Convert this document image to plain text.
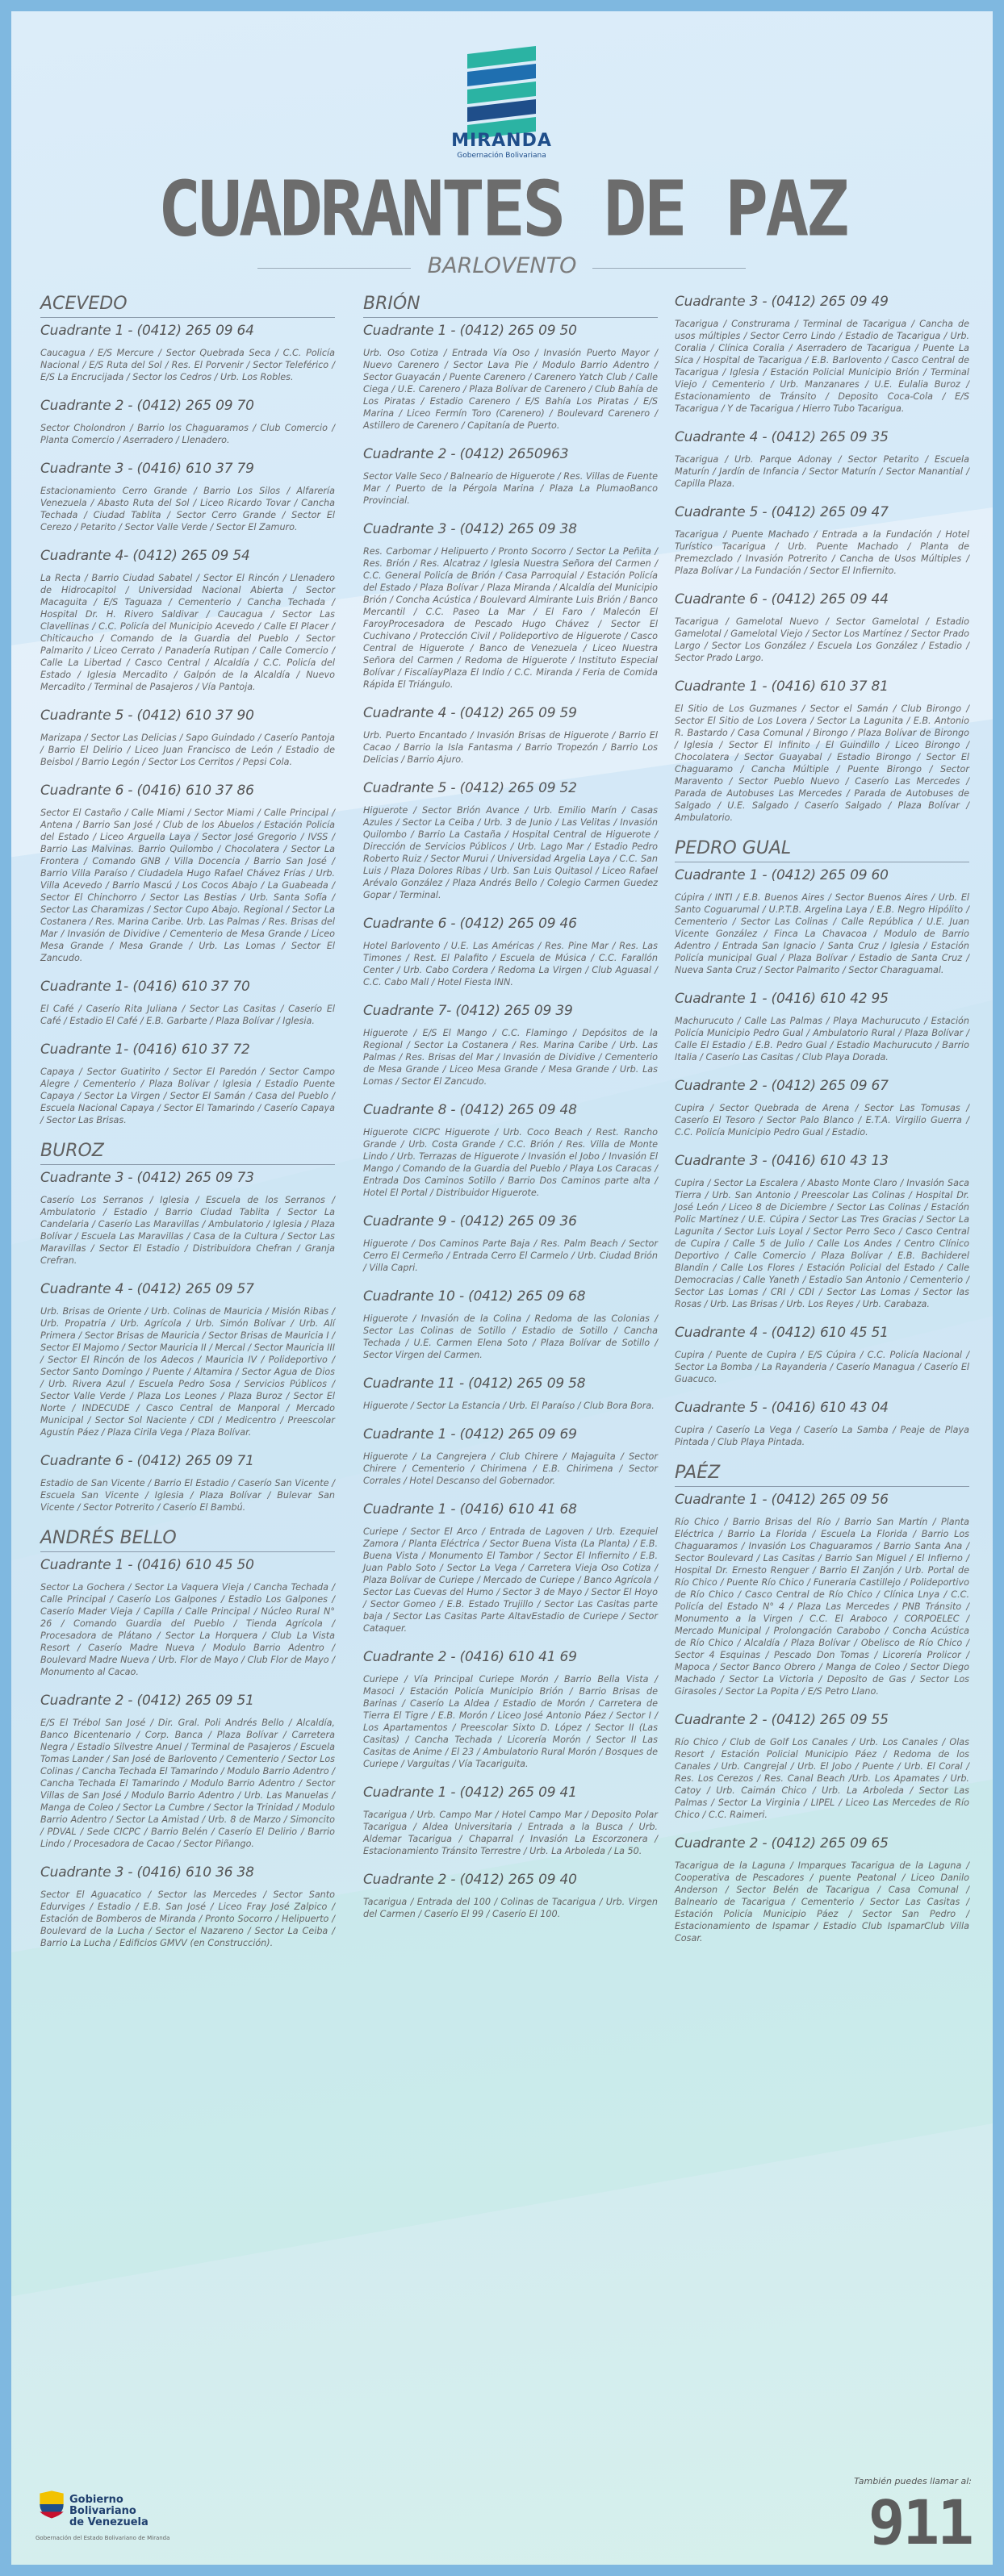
MIRANDA
Gobernación Bolivariana
CUADRANTES DE PAZ
BARLOVENTO
ACEVEDO
Cuadrante 1 - (0412) 265 09 64

Caucagua / E/S Mercure / Sector Quebrada Seca / C.C. Policía Nacional / E/S Ruta del Sol / Res. El Porvenir / Sector Teleférico / E/S La Encrucijada / Sector los Cedros / Urb. Los Robles.

Cuadrante 2 - (0412) 265 09 70

Sector Cholondron / Barrio los Chaguaramos / Club Comercio / Planta Comercio / Aserradero / Llenadero.

Cuadrante 3 - (0416) 610 37 79

Estacionamiento Cerro Grande / Barrio Los Silos / Alfarería Venezuela / Abasto Ruta del Sol / Liceo Ricardo Tovar / Cancha Techada / Ciudad Tablita / Sector Cerro Grande / Sector El Cerezo / Petarito / Sector Valle Verde / Sector El Zamuro.

Cuadrante 4- (0412) 265 09 54

La Recta / Barrio Ciudad Sabatel / Sector El Rincón / Llenadero de Hidrocapitol / Universidad Nacional Abierta / Sector Macaguita / E/S Taguaza / Cementerio / Cancha Techada / Hospital Dr. H. Rivero Saldivar / Caucagua / Sector Las Clavellinas / C.C. Policía del Municipio Acevedo / Calle El Placer / Chiticaucho / Comando de la Guardia del Pueblo / Sector Palmarito / Liceo Cerrato / Panadería Rutipan / Calle Comercio / Calle La Libertad / Casco Central / Alcaldía / C.C. Policía del Estado / Iglesia Mercadito / Galpón de la Alcaldía / Nuevo Mercadito / Terminal de Pasajeros / Vía Pantoja.

Cuadrante 5 - (0412) 610 37 90

Marizapa / Sector Las Delicias / Sapo Guindado / Caserío Pantoja / Barrio El Delirio / Liceo Juan Francisco de León / Estadio de Beisbol / Barrio Legón / Sector Los Cerritos / Pepsi Cola.

Cuadrante 6 - (0416) 610 37 86

Sector El Castaño / Calle Miami / Sector Miami / Calle Principal / Antena / Barrio San José / Club de los Abuelos / Estación Policía del Estado / Liceo Arguella Laya / Sector José Gregorio / IVSS / Barrio Las Malvinas. Barrio Quilombo / Chocolatera / Sector La Frontera / Comando GNB / Villa Docencia / Barrio San José / Barrio Villa Paraíso / Ciudadela Hugo Rafael Chávez Frías / Urb. Villa Acevedo / Barrio Mascú / Los Cocos Abajo / La Guabeada / Sector El Chinchorro / Sector Las Bestias / Urb. Santa Sofía / Sector Las Charamizas / Sector Cupo Abajo. Regional / Sector La Costanera / Res. Marina Caribe. Urb. Las Palmas / Res. Brisas del Mar / Invasión de Dividive / Cementerio de Mesa Grande / Liceo Mesa Grande / Mesa Grande / Urb. Las Lomas / Sector El Zancudo.

Cuadrante 1- (0416) 610 37 70

El Café / Caserío Rita Juliana / Sector Las Casitas / Caserío El Café / Estadio El Café / E.B. Garbarte / Plaza Bolívar / Iglesia.

Cuadrante 1- (0416) 610 37 72

Capaya / Sector Guatirito / Sector El Paredón / Sector Campo Alegre / Cementerio / Plaza Bolívar / Iglesia / Estadio Puente Capaya / Sector La Virgen / Sector El Samán / Casa del Pueblo / Escuela Nacional Capaya / Sector El Tamarindo / Caserío Capaya / Sector Las Brisas.

BUROZ
Cuadrante 3 - (0412) 265 09 73

Caserío Los Serranos / Iglesia / Escuela de los Serranos / Ambulatorio / Estadio / Barrio Ciudad Tablita / Sector La Candelaria / Caserío Las Maravillas / Ambulatorio / Iglesia / Plaza Bolívar / Escuela Las Maravillas / Casa de la Cultura / Sector Las Maravillas / Sector El Estadio / Distribuidora Chefran / Granja Crefran.

Cuadrante 4 - (0412) 265 09 57

Urb. Brisas de Oriente / Urb. Colinas de Mauricia / Misión Ribas / Urb. Propatria / Urb. Agrícola / Urb. Simón Bolívar / Urb. Alí Primera / Sector Brisas de Mauricia / Sector Brisas de Mauricia I / Sector El Majomo / Sector Mauricia II / Mercal / Sector Mauricia III / Sector El Rincón de los Adecos / Mauricia IV / Polideportivo / Sector Santo Domingo / Puente / Altamira / Sector Agua de Dios / Urb. Rivera Azul / Escuela Pedro Sosa / Servicios Públicos / Sector Valle Verde / Plaza Los Leones / Plaza Buroz / Sector El Norte / INDECUDE / Casco Central de Manporal / Mercado Municipal / Sector Sol Naciente / CDI / Medicentro / Preescolar Agustín Páez / Plaza Cirila Vega / Plaza Bolívar.

Cuadrante 6 - (0412) 265 09 71

Estadio de San Vicente / Barrio El Estadio / Caserío San Vicente / Escuela San Vicente / Iglesia / Plaza Bolívar / Bulevar San Vicente / Sector Potrerito / Caserío El Bambú.

ANDRÉS BELLO
Cuadrante 1 - (0416) 610 45 50

Sector La Gochera / Sector La Vaquera Vieja / Cancha Techada / Calle Principal / Caserío Los Galpones / Estadio Los Galpones / Caserío Mader Vieja / Capilla / Calle Principal / Núcleo Rural N° 26 / Comando Guardia del Pueblo / Tienda Agrícola / Procesadora de Plátano / Sector La Horquera / Club La Vista Resort / Caserío Madre Nueva / Modulo Barrio Adentro / Boulevard Madre Nueva / Urb. Flor de Mayo / Club Flor de Mayo / Monumento al Cacao.

Cuadrante 2 - (0412) 265 09 51

E/S El Trébol San José / Dir. Gral. Poli Andrés Bello / Alcaldía, Banco Bicentenario / Corp. Banca / Plaza Bolívar / Carretera Negra / Estadio Silvestre Anuel / Terminal de Pasajeros / Escuela Tomas Lander / San José de Barlovento / Cementerio / Sector Los Colinas / Cancha Techada El Tamarindo / Modulo Barrio Adentro / Cancha Techada El Tamarindo / Modulo Barrio Adentro / Sector Villas de San José / Modulo Barrio Adentro / Urb. Las Manuelas / Manga de Coleo / Sector La Cumbre / Sector la Trinidad / Modulo Barrio Adentro / Sector La Amistad / Urb. 8 de Marzo / Simoncito / PDVAL / Sede CICPC / Barrio Belén / Caserío El Delirio / Barrio Lindo / Procesadora de Cacao / Sector Piñango.

Cuadrante 3 - (0416) 610 36 38

Sector El Aguacatico / Sector las Mercedes / Sector Santo Edurviges / Estadio / E.B. San José / Liceo Fray José Zalpico / Estación de Bomberos de Miranda / Pronto Socorro / Helipuerto / Boulevard de la Lucha / Sector el Nazareno / Sector La Ceiba / Barrio La Lucha / Edificios GMVV (en Construcción).

BRIÓN
Cuadrante 1 - (0412) 265 09 50

Urb. Oso Cotiza / Entrada Vía Oso / Invasión Puerto Mayor / Nuevo Carenero / Sector Lava Pie / Modulo Barrio Adentro / Sector Guayacán / Puente Carenero / Carenero Yatch Club / Calle Ciega / U.E. Carenero / Plaza Bolívar de Carenero / Club Bahía de Los Piratas / Estadio Carenero / E/S Bahía Los Piratas / E/S Marina / Liceo Fermín Toro (Carenero) / Boulevard Carenero / Astillero de Carenero / Capitanía de Puerto.

Cuadrante 2 - (0412) 2650963

Sector Valle Seco / Balneario de Higuerote / Res. Villas de Fuente Mar / Puerto de la Pérgola Marina / Plaza La PlumaoBanco Provincial.

Cuadrante 3 - (0412) 265 09 38

Res. Carbomar / Helipuerto / Pronto Socorro / Sector La Peñita / Res. Brión / Res. Alcatraz / Iglesia Nuestra Señora del Carmen / C.C. General Policía de Brión / Casa Parroquial / Estación Policía del Estado / Plaza Bolívar / Plaza Miranda / Alcaldía del Municipio Brión / Concha Acústica / Boulevard Almirante Luis Brión / Banco Mercantil / C.C. Paseo La Mar / El Faro / Malecón El FaroyProcesadora de Pescado Hugo Chávez / Sector El Cuchivano / Protección Civil / Polideportivo de Higuerote / Casco Central de Higuerote / Banco de Venezuela / Liceo Nuestra Señora del Carmen / Redoma de Higuerote / Instituto Especial Bolívar / FiscalíayPlaza El Indio / C.C. Miranda / Feria de Comida Rápida El Triángulo.

Cuadrante 4 - (0412) 265 09 59

Urb. Puerto Encantado / Invasión Brisas de Higuerote / Barrio El Cacao / Barrio la Isla Fantasma / Barrio Tropezón / Barrio Los Delicias / Barrio Ajuro.

Cuadrante 5 - (0412) 265 09 52

Higuerote / Sector Brión Avance / Urb. Emilio Marín / Casas Azules / Sector La Ceiba / Urb. 3 de Junio / Las Velitas / Invasión Quilombo / Barrio La Castaña / Hospital Central de Higuerote / Dirección de Servicios Públicos / Urb. Lago Mar / Estadio Pedro Roberto Ruiz / Sector Murui / Universidad Argelia Laya / C.C. San Luis / Plaza Dolores Ribas / Urb. San Luis Quitasol / Liceo Rafael Arévalo González / Plaza Andrés Bello / Colegio Carmen Guedez Gopar / Terminal.

Cuadrante 6 - (0412) 265 09 46

Hotel Barlovento / U.E. Las Américas / Res. Pine Mar / Res. Las Timones / Rest. El Palafito / Escuela de Música / C.C. Farallón Center / Urb. Cabo Cordera / Redoma La Virgen / Club Aguasal / C.C. Cabo Mall / Hotel Fiesta INN.

Cuadrante 7- (0412) 265 09 39

Higuerote / E/S El Mango / C.C. Flamingo / Depósitos de la Regional / Sector La Costanera / Res. Marina Caribe / Urb. Las Palmas / Res. Brisas del Mar / Invasión de Dividive / Cementerio de Mesa Grande / Liceo Mesa Grande / Mesa Grande / Urb. Las Lomas / Sector El Zancudo.

Cuadrante 8 - (0412) 265 09 48

Higuerote CICPC Higuerote / Urb. Coco Beach / Rest. Rancho Grande / Urb. Costa Grande / C.C. Brión / Res. Villa de Monte Lindo / Urb. Terrazas de Higuerote / Invasión el Jobo / Invasión El Mango / Comando de la Guardia del Pueblo / Playa Los Caracas / Entrada Dos Caminos Sotillo / Barrio Dos Caminos parte alta / Hotel El Portal / Distribuidor Higuerote.

Cuadrante 9 - (0412) 265 09 36

Higuerote / Dos Caminos Parte Baja / Res. Palm Beach / Sector Cerro El Cermeño / Entrada Cerro El Carmelo / Urb. Ciudad Brión / Villa Capri.

Cuadrante 10 - (0412) 265 09 68

Higuerote / Invasión de la Colina / Redoma de las Colonias / Sector Las Colinas de Sotillo / Estadio de Sotillo / Cancha Techada / U.E. Carmen Elena Soto / Plaza Bolívar de Sotillo / Sector Virgen del Carmen.

Cuadrante 11 - (0412) 265 09 58

Higuerote / Sector La Estancia / Urb. El Paraíso / Club Bora Bora.

Cuadrante 1 - (0412) 265 09 69

Higuerote / La Cangrejera / Club Chirere / Majaguita / Sector Chirere / Cementerio / Chirimena / E.B. Chirimena / Sector Corrales / Hotel Descanso del Gobernador.

Cuadrante 1 - (0416) 610 41 68

Curiepe / Sector El Arco / Entrada de Lagoven / Urb. Ezequiel Zamora / Planta Eléctrica / Sector Buena Vista (La Planta) / E.B. Buena Vista / Monumento El Tambor / Sector El Infiernito / E.B. Juan Pablo Soto / Sector La Vega / Carretera Vieja Oso Cotiza / Plaza Bolívar de Curiepe / Mercado de Curiepe / Banco Agrícola / Sector Las Cuevas del Humo / Sector 3 de Mayo / Sector El Hoyo / Sector Gomeo / E.B. Estado Trujillo / Sector Las Casitas parte baja / Sector Las Casitas Parte AltavEstadio de Curiepe / Sector Cataquer.

Cuadrante 2 - (0416) 610 41 69

Curiepe / Vía Principal Curiepe Morón / Barrio Bella Vista / Masoci / Estación Policía Municipio Brión / Barrio Brisas de Barinas / Caserío La Aldea / Estadio de Morón / Carretera de Tierra El Tigre / E.B. Morón / Liceo José Antonio Páez / Sector I / Los Apartamentos / Preescolar Sixto D. López / Sector II (Las Casitas) / Cancha Techada / Licorería Morón / Sector II Las Casitas de Anime / El 23 / Ambulatorio Rural Morón / Bosques de Curiepe / Varguitas / Vía Tacariguita.

Cuadrante 1 - (0412) 265 09 41

Tacarigua / Urb. Campo Mar / Hotel Campo Mar / Deposito Polar Tacarigua / Aldea Universitaria / Entrada a la Busca / Urb. Aldemar Tacarigua / Chaparral / Invasión La Escorzonera / Estacionamiento Tránsito Terrestre / Urb. La Arboleda / La 50.

Cuadrante 2 - (0412) 265 09 40

Tacarigua / Entrada del 100 / Colinas de Tacarigua / Urb. Virgen del Carmen / Caserío El 99 / Caserío El 100.

Cuadrante 3 - (0412) 265 09 49

Tacarigua / Construrama / Terminal de Tacarigua / Cancha de usos múltiples / Sector Cerro Lindo / Estadio de Tacarigua / Urb. Coralia / Clínica Coralia / Aserradero de Tacarigua / Puente La Sica / Hospital de Tacarigua / E.B. Barlovento / Casco Central de Tacarigua / Iglesia / Estación Policial Municipio Brión / Terminal Viejo / Cementerio / Urb. Manzanares / U.E. Eulalia Buroz / Estacionamiento de Tránsito / Deposito Coca-Cola / E/S Tacarigua / Y de Tacarigua / Hierro Tubo Tacarigua.

Cuadrante 4 - (0412) 265 09 35

Tacarigua / Urb. Parque Adonay / Sector Petarito / Escuela Maturín / Jardín de Infancia / Sector Maturín / Sector Manantial / Capilla Plaza.

Cuadrante 5 - (0412) 265 09 47

Tacarigua / Puente Machado / Entrada a la Fundación / Hotel Turístico Tacarigua / Urb. Puente Machado / Planta de Premezclado / Invasión Potrerito / Cancha de Usos Múltiples / Plaza Bolívar / La Fundación / Sector El Infiernito.

Cuadrante 6 - (0412) 265 09 44

Tacarigua / Gamelotal Nuevo / Sector Gamelotal / Estadio Gamelotal / Gamelotal Viejo / Sector Los Martínez / Sector Prado Largo / Sector Los González / Escuela Los González / Estadio / Sector Prado Largo.

Cuadrante 1 - (0416) 610 37 81

El Sitio de Los Guzmanes / Sector el Samán / Club Birongo / Sector El Sitio de Los Lovera / Sector La Lagunita / E.B. Antonio R. Bastardo / Casa Comunal / Birongo / Plaza Bolívar de Birongo / Iglesia / Sector El Infinito / El Guindillo / Liceo Birongo / Chocolatera / Sector Guayabal / Estadio Birongo / Sector El Chaguaramo / Cancha Múltiple / Puente Birongo / Sector Maravento / Sector Pueblo Nuevo / Caserío Las Mercedes / Parada de Autobuses Las Mercedes / Parada de Autobuses de Salgado / U.E. Salgado / Caserío Salgado / Plaza Bolívar / Ambulatorio.

PEDRO GUAL
Cuadrante 1 - (0412) 265 09 60

Cúpira / INTI / E.B. Buenos Aires / Sector Buenos Aires / Urb. El Santo Coguarumal / U.P.T.B. Argelina Laya / E.B. Negro Hipólito / Cementerio / Sector Las Colinas / Calle República / U.E. Juan Vicente González / Finca La Chavacoa / Modulo de Barrio Adentro / Entrada San Ignacio / Santa Cruz / Iglesia / Estación Policía municipal Gual / Plaza Bolívar / Estadio de Santa Cruz / Nueva Santa Cruz / Sector Palmarito / Sector Charaguamal.

Cuadrante 1 - (0416) 610 42 95

Machurucuto / Calle Las Palmas / Playa Machurucuto / Estación Policía Municipio Pedro Gual / Ambulatorio Rural / Plaza Bolívar / Calle El Estadio / E.B. Pedro Gual / Estadio Machurucuto / Barrio Italia / Caserío Las Casitas / Club Playa Dorada.

Cuadrante 2 - (0412) 265 09 67

Cupira / Sector Quebrada de Arena / Sector Las Tomusas / Caserío El Tesoro / Sector Palo Blanco / E.T.A. Virgilio Guerra / C.C. Policía Municipio Pedro Gual / Estadio.

Cuadrante 3 - (0416) 610 43 13

Cupira / Sector La Escalera / Abasto Monte Claro / Invasión Saca Tierra / Urb. San Antonio / Preescolar Las Colinas / Hospital Dr. José León / Liceo 8 de Diciembre / Sector Las Colinas / Estación Polic Martínez / U.E. Cúpira / Sector Las Tres Gracias / Sector La Lagunita / Sector Luis Loyal / Sector Perro Seco / Casco Central de Cupira / Calle 5 de Julio / Calle Los Andes / Centro Clínico Deportivo / Calle Comercio / Plaza Bolívar / E.B. Bachiderel Blandin / Calle Los Flores / Estación Policial del Estado / Calle Democracias / Calle Yaneth / Estadio San Antonio / Cementerio / Sector Las Lomas / CRI / CDI / Sector Las Lomas / Sector las Rosas / Urb. Las Brisas / Urb. Los Reyes / Urb. Carabaza.

Cuadrante 4 - (0412) 610 45 51

Cupira / Puente de Cupira / E/S Cúpira / C.C. Policía Nacional / Sector La Bomba / La Rayanderia / Caserío Managua / Caserío El Guacuco.

Cuadrante 5 - (0416) 610 43 04

Cupira / Caserío La Vega / Caserío La Samba / Peaje de Playa Pintada / Club Playa Pintada.

PAÉZ
Cuadrante 1 - (0412) 265 09 56

Río Chico / Barrio Brisas del Río / Barrio San Martín / Planta Eléctrica / Barrio La Florida / Escuela La Florida / Barrio Los Chaguaramos / Invasión Los Chaguaramos / Barrio Santa Ana / Sector Boulevard / Las Casitas / Barrio San Miguel / El Infierno / Hospital Dr. Ernesto Renguer / Barrio El Zanjón / Urb. Portal de Río Chico / Puente Río Chico / Funeraria Castillejo / Polideportivo de Río Chico / Casco Central de Río Chico / Clínica Lnya / C.C. Policía del Estado N° 4 / Plaza Las Mercedes / PNB Tránsito / Monumento a la Virgen / C.C. El Araboco / CORPOELEC / Mercado Municipal / Prolongación Carabobo / Concha Acústica de Río Chico / Alcaldía / Plaza Bolívar / Obelisco de Río Chico / Sector 4 Esquinas / Pescado Don Tomas / Licorería Prolicor / Mapoca / Sector Banco Obrero / Manga de Coleo / Sector Diego Machado / Sector La Victoria / Deposito de Gas / Sector Los Girasoles / Sector La Popita / E/S Petro Llano.

Cuadrante 2 - (0412) 265 09 55

Río Chico / Club de Golf Los Canales / Urb. Los Canales / Olas Resort / Estación Policial Municipio Páez / Redoma de los Canales / Urb. Cangrejal / Urb. El Jobo / Puente / Urb. El Coral / Res. Los Cerezos / Res. Canal Beach /Urb. Los Apamates / Urb. Catoy / Urb. Caimán Chico / Urb. La Arboleda / Sector Las Palmas / Sector La Virginia / LIPEL / Liceo Las Mercedes de Río Chico / C.C. Raimeri.

Cuadrante 2 - (0412) 265 09 65

Tacarigua de la Laguna / Imparques Tacarigua de la Laguna / Cooperativa de Pescadores / puente Peatonal / Liceo Danilo Anderson / Sector Belén de Tacarigua / Casa Comunal / Balneario de Tacarigua / Cementerio / Sector Las Casitas / Estación Policía Municipio Páez / Sector San Pedro / Estacionamiento de Ispamar / Estadio Club IspamarClub Villa Cosar.

Gobierno
Bolivariano
de Venezuela
Gobernación del Estado Bolivariano de Miranda
También puedes llamar al:
911
